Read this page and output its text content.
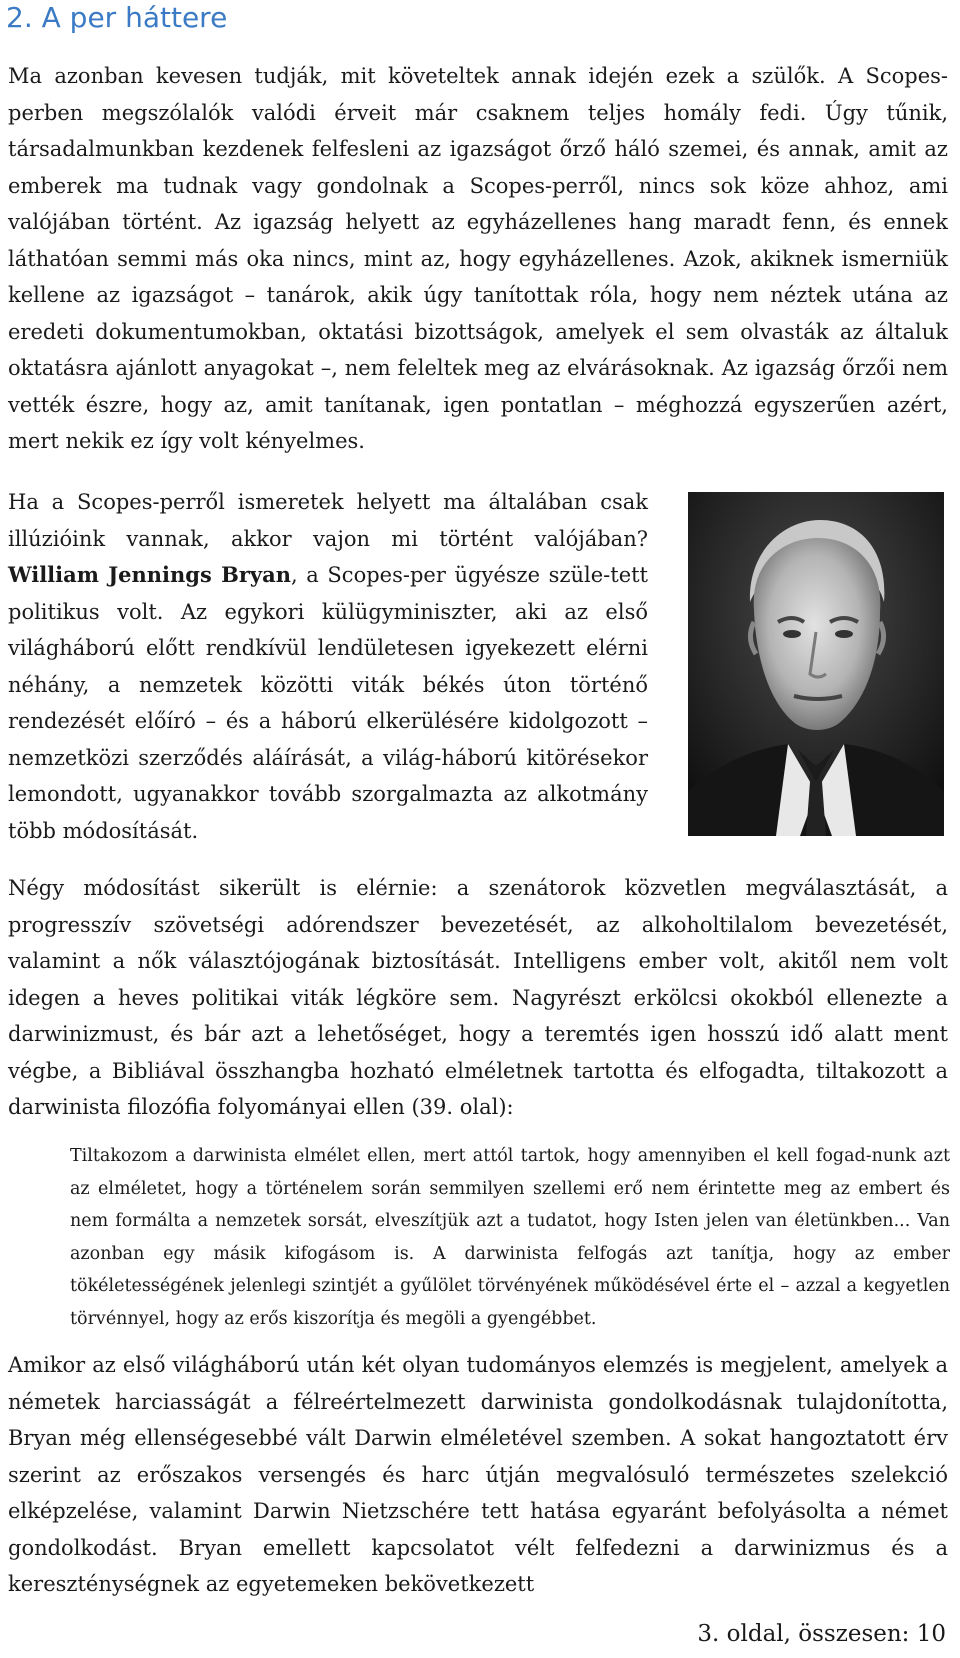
2. A per háttere

Ma azonban kevesen tudják, mit követeltek annak idején ezek a szülők. A Scopes-perben megszólalók valódi érveit már csaknem teljes homály fedi. Úgy tűnik, társadalmunkban kezdenek felfesleni az igazságot őrző háló szemei, és annak, amit az emberek ma tudnak vagy gondolnak a Scopes-perről, nincs sok köze ahhoz, ami valójában történt. Az igazság helyett az egyházellenes hang maradt fenn, és ennek láthatóan semmi más oka nincs, mint az, hogy egyházellenes. Azok, akiknek ismerniük kellene az igazságot – tanárok, akik úgy tanítottak róla, hogy nem néztek utána az eredeti dokumentumokban, oktatási bizottságok, amelyek el sem olvasták az általuk oktatásra ajánlott anyagokat –, nem feleltek meg az elvárásoknak. Az igazság őrzői nem vették észre, hogy az, amit tanítanak, igen pontatlan – méghozzá egyszerűen azért, mert nekik ez így volt kényelmes.

Ha a Scopes-perről ismeretek helyett ma általában csak illúzióink vannak, akkor vajon mi történt valójában? William Jennings Bryan, a Scopes-per ügyésze szüle-tett politikus volt. Az egykori külügyminiszter, aki az első világháború előtt rendkívül lendületesen igyekezett elérni néhány, a nemzetek közötti viták békés úton történő rendezését előíró – és a háború elkerülésére kidolgozott – nemzetközi szerződés aláírását, a világ-háború kitörésekor lemondott, ugyanakkor tovább szorgalmazta az alkotmány több módosítását.

Négy módosítást sikerült is elérnie: a szenátorok közvetlen megválasztását, a progresszív szövetségi adórendszer bevezetését, az alkoholtilalom bevezetését, valamint a nők választójogának biztosítását. Intelligens ember volt, akitől nem volt idegen a heves politikai viták légköre sem. Nagyrészt erkölcsi okokból ellenezte a darwinizmust, és bár azt a lehetőséget, hogy a teremtés igen hosszú idő alatt ment végbe, a Bibliával összhangba hozható elméletnek tartotta és elfogadta, tiltakozott a darwinista filozófia folyományai ellen (39. olal):

Tiltakozom a darwinista elmélet ellen, mert attól tartok, hogy amennyiben el kell fogad-nunk azt az elméletet, hogy a történelem során semmilyen szellemi erő nem érintette meg az embert és nem formálta a nemzetek sorsát, elveszítjük azt a tudatot, hogy Isten jelen van életünkben... Van azonban egy másik kifogásom is. A darwinista felfogás azt tanítja, hogy az ember tökéletességének jelenlegi szintjét a gyűlölet törvényének működésével érte el – azzal a kegyetlen törvénnyel, hogy az erős kiszorítja és megöli a gyengébbet.

Amikor az első világháború után két olyan tudományos elemzés is megjelent, amelyek a németek harciasságát a félreértelmezett darwinista gondolkodásnak tulajdonította, Bryan még ellenségesebbé vált Darwin elméletével szemben. A sokat hangoztatott érv szerint az erőszakos versengés és harc útján megvalósuló természetes szelekció elképzelése, valamint Darwin Nietzschére tett hatása egyaránt befolyásolta a német gondolkodást. Bryan emellett kapcsolatot vélt felfedezni a darwinizmus és a kereszténységnek az egyetemeken bekövetkezett

3. oldal, összesen: 10
